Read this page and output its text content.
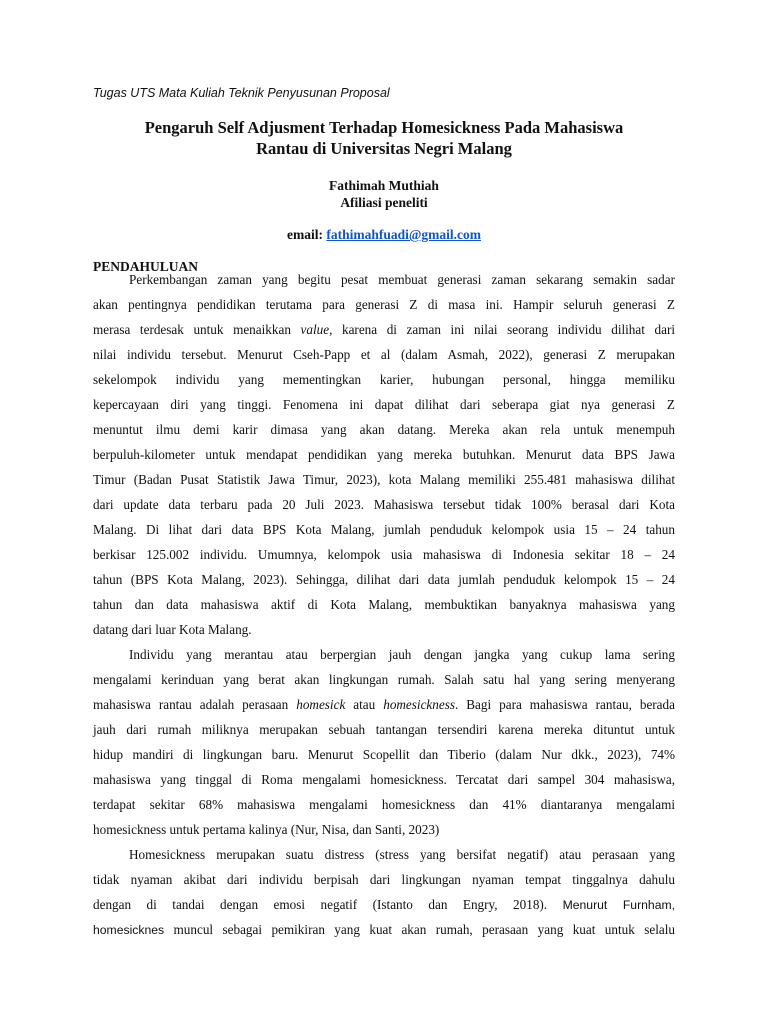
Tugas UTS Mata Kuliah Teknik Penyusunan Proposal
Pengaruh Self Adjusment Terhadap Homesickness Pada Mahasiswa
Rantau di Universitas Negri Malang
Fathimah Muthiah
Afiliasi peneliti
email: fathimahfuadi@gmail.com
PENDAHULUAN
Perkembangan zaman yang begitu pesat membuat generasi zaman sekarang semakin sadar
akan pentingnya pendidikan terutama para generasi Z di masa ini. Hampir seluruh generasi Z
merasa terdesak untuk menaikkan value, karena di zaman ini nilai seorang individu dilihat dari
nilai individu tersebut. Menurut Cseh-Papp et al (dalam Asmah, 2022), generasi Z merupakan
sekelompok individu yang mementingkan karier, hubungan personal, hingga memiliku
kepercayaan diri yang tinggi. Fenomena ini dapat dilihat dari seberapa giat nya generasi Z
menuntut ilmu demi karir dimasa yang akan datang. Mereka akan rela untuk menempuh
berpuluh-kilometer untuk mendapat pendidikan yang mereka butuhkan. Menurut data BPS Jawa
Timur (Badan Pusat Statistik Jawa Timur, 2023), kota Malang memiliki 255.481 mahasiswa dilihat
dari update data terbaru pada 20 Juli 2023. Mahasiswa tersebut tidak 100% berasal dari Kota
Malang. Di lihat dari data BPS Kota Malang, jumlah penduduk kelompok usia 15 – 24 tahun
berkisar 125.002 individu. Umumnya, kelompok usia mahasiswa di Indonesia sekitar 18 – 24
tahun (BPS Kota Malang, 2023). Sehingga, dilihat dari data jumlah penduduk kelompok 15 – 24
tahun dan data mahasiswa aktif di Kota Malang, membuktikan banyaknya mahasiswa yang
datang dari luar Kota Malang.
Individu yang merantau atau berpergian jauh dengan jangka yang cukup lama sering
mengalami kerinduan yang berat akan lingkungan rumah. Salah satu hal yang sering menyerang
mahasiswa rantau adalah perasaan homesick atau homesickness. Bagi para mahasiswa rantau, berada
jauh dari rumah miliknya merupakan sebuah tantangan tersendiri karena mereka dituntut untuk
hidup mandiri di lingkungan baru. Menurut Scopellit dan Tiberio (dalam Nur dkk., 2023), 74%
mahasiswa yang tinggal di Roma mengalami homesickness. Tercatat dari sampel 304 mahasiswa,
terdapat sekitar 68% mahasiswa mengalami homesickness dan 41% diantaranya mengalami
homesickness untuk pertama kalinya (Nur, Nisa, dan Santi, 2023)
Homesickness merupakan suatu distress (stress yang bersifat negatif) atau perasaan yang
tidak nyaman akibat dari individu berpisah dari lingkungan nyaman tempat tinggalnya dahulu
dengan di tandai dengan emosi negatif (Istanto dan Engry, 2018). Menurut Furnham,
homesicknes muncul sebagai pemikiran yang kuat akan rumah, perasaan yang kuat untuk selalu
